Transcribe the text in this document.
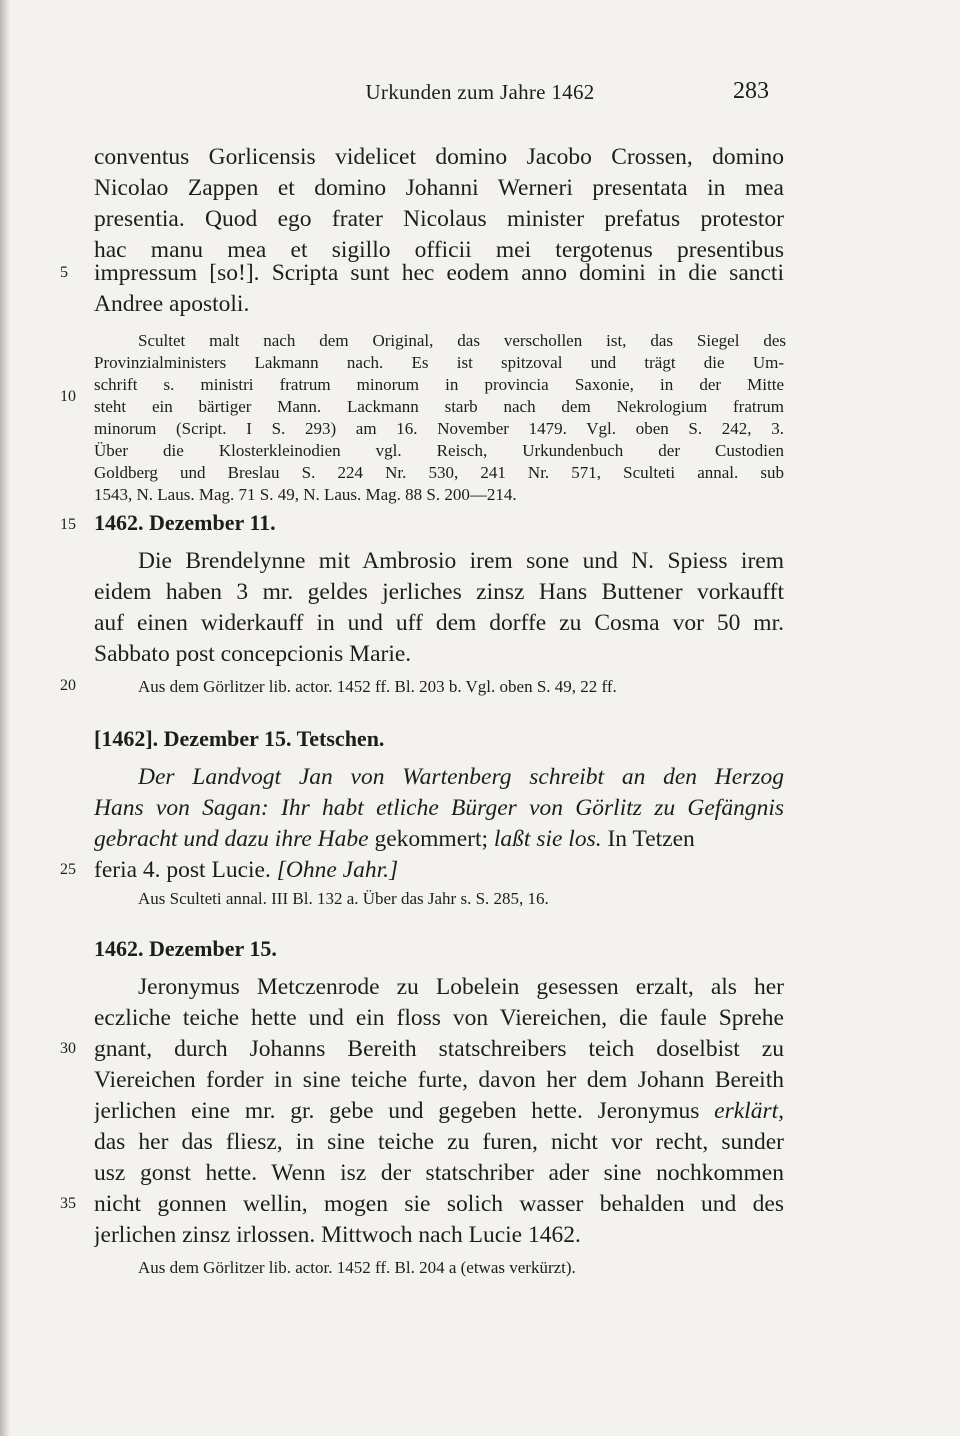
Urkunden zum Jahre 1462	283
conventus Gorlicensis videlicet domino Jacobo Crossen, domino
Nicolao Zappen et domino Johanni Werneri presentata in mea
presentia. Quod ego frater Nicolaus minister prefatus protestor
hac manu mea et sigillo officii mei tergotenus presentibus
5	impressum [so!]. Scripta sunt hec eodem anno domini in die sancti
Andree apostoli.
Scultet malt nach dem Original, das verschollen ist, das Siegel des
Provinzialministers Lakmann nach. Es ist spitzoval und trägt die Um-
schrift s. ministri fratrum minorum in provincia Saxonie, in der Mitte
10
steht ein bärtiger Mann. Lackmann starb nach dem Nekrologium fratrum
minorum (Script. I S. 293) am 16. November 1479. Vgl. oben S. 242, 3.
Über die Klosterkleinodien vgl. Reisch, Urkundenbuch der Custodien
Goldberg und Breslau S. 224 Nr. 530, 241 Nr. 571, Sculteti annal. sub
1543, N. Laus. Mag. 71 S. 49, N. Laus. Mag. 88 S. 200—214.
15 1462. Dezember 11.
Die Brendelynne mit Ambrosio irem sone und N. Spiess irem
eidem haben 3 mr. geldes jerliches zinsz Hans Buttener vorkaufft
auf einen widerkauff in und uff dem dorffe zu Cosma vor 50 mr.
Sabbato post concepcionis Marie.
20	Aus dem Görlitzer lib. actor. 1452 ff. Bl. 203 b. Vgl. oben S. 49, 22 ff.
[1462]. Dezember 15. Tetschen.
Der Landvogt Jan von Wartenberg schreibt an den Herzog
Hans von Sagan: Ihr habt etliche Bürger von Görlitz zu Gefängnis
gebracht und dazu ihre Habe gekommert; laßt sie los. In Tetzen
25 feria 4. post Lucie. [Ohne Jahr.]
Aus Sculteti annal. III Bl. 132 a. Über das Jahr s. S. 285, 16.
1462. Dezember 15.
Jeronymus Metczenrode zu Lobelein gesessen erzalt, als her
eczliche teiche hette und ein floss von Viereichen, die faule Sprehe
30 gnant, durch Johanns Bereith statschreibers teich doselbist zu
Viereichen forder in sine teiche furte, davon her dem Johann Bereith
jerlichen eine mr. gr. gebe und gegeben hette. Jeronymus erklärt,
das her das fliesz, in sine teiche zu furen, nicht vor recht, sunder
usz gonst hette. Wenn isz der statschriber ader sine nochkommen
35 nicht gonnen wellin, mogen sie solich wasser behalden und des
jerlichen zinsz irlossen. Mittwoch nach Lucie 1462.
Aus dem Görlitzer lib. actor. 1452 ff. Bl. 204 a (etwas verkürzt).
